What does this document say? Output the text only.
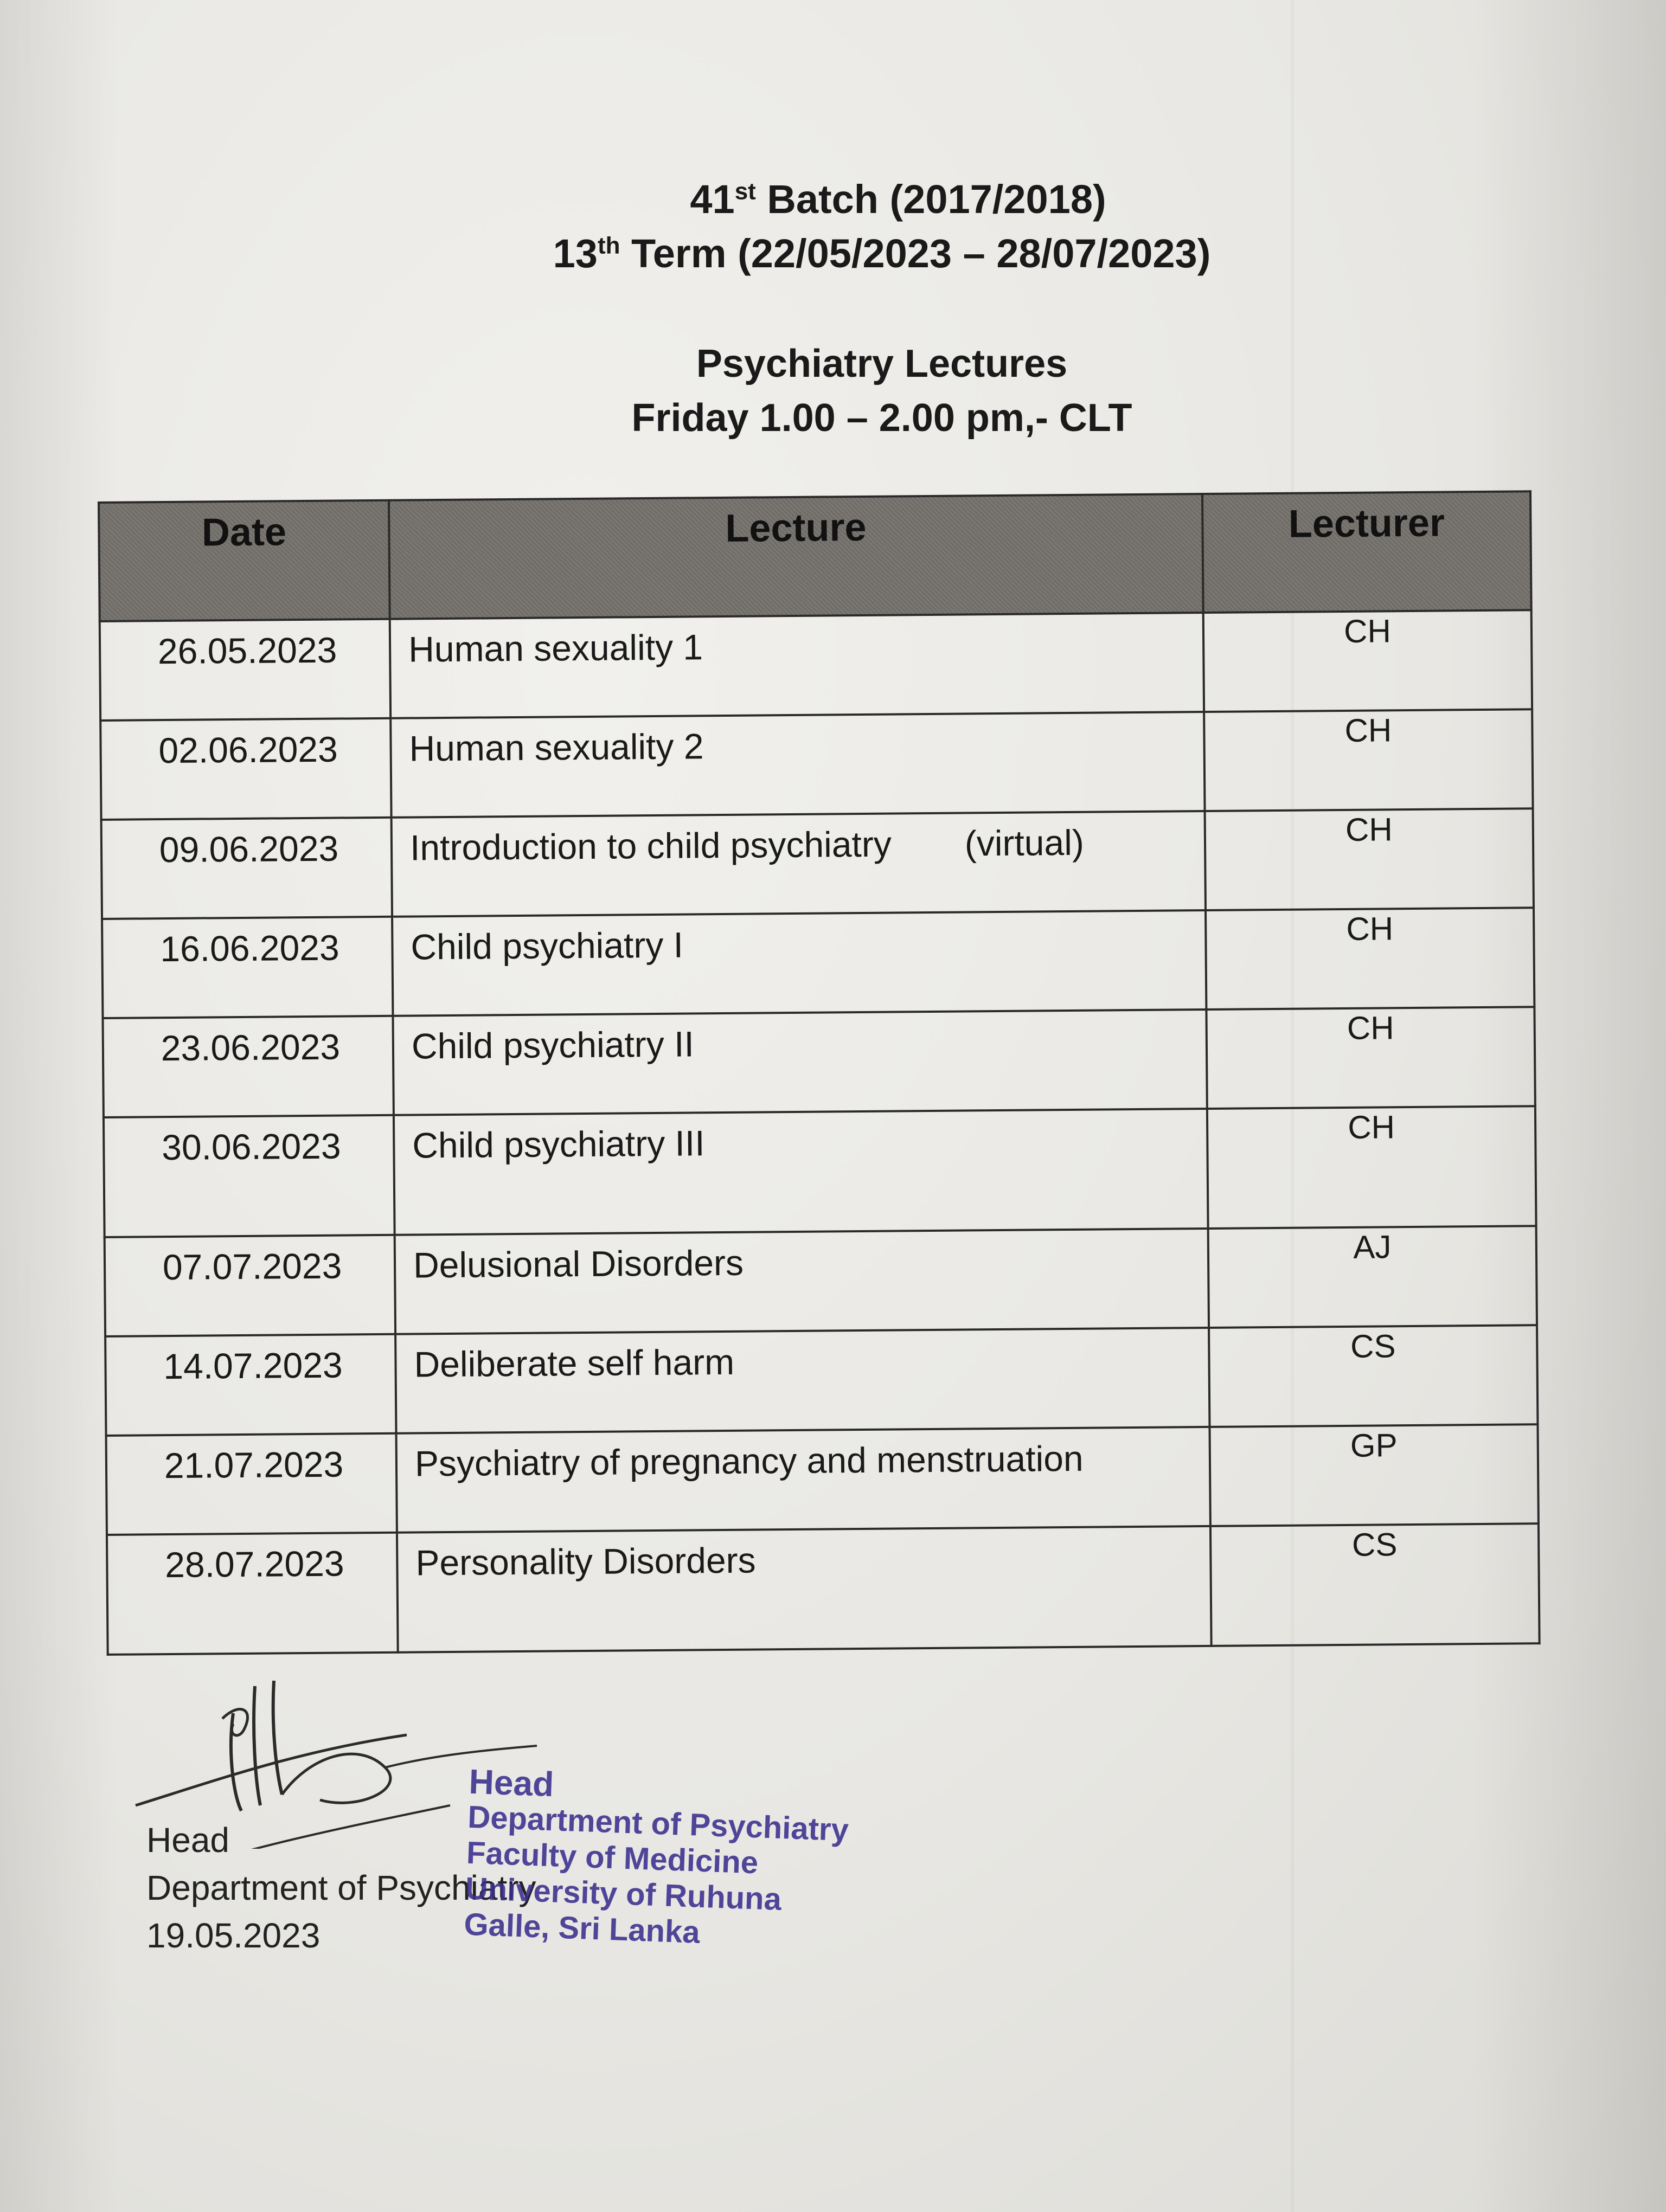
41st Batch (2017/2018)
13th Term (22/05/2023 – 28/07/2023)
Psychiatry Lectures
Friday 1.00 – 2.00 pm,- CLT
Date	Lecture	Lecturer
26.05.2023	Human sexuality 1	CH
02.06.2023	Human sexuality 2	CH
09.06.2023	Introduction to child psychiatry (virtual)	CH
16.06.2023	Child psychiatry I	CH
23.06.2023	Child psychiatry II	CH
30.06.2023	Child psychiatry III	CH
07.07.2023	Delusional Disorders	AJ
14.07.2023	Deliberate self harm	CS
21.07.2023	Psychiatry of pregnancy and menstruation	GP
28.07.2023	Personality Disorders	CS
Head
Department of Psychiatry
19.05.2023
Head
Department of Psychiatry
Faculty of Medicine
University of Ruhuna
Galle, Sri Lanka
